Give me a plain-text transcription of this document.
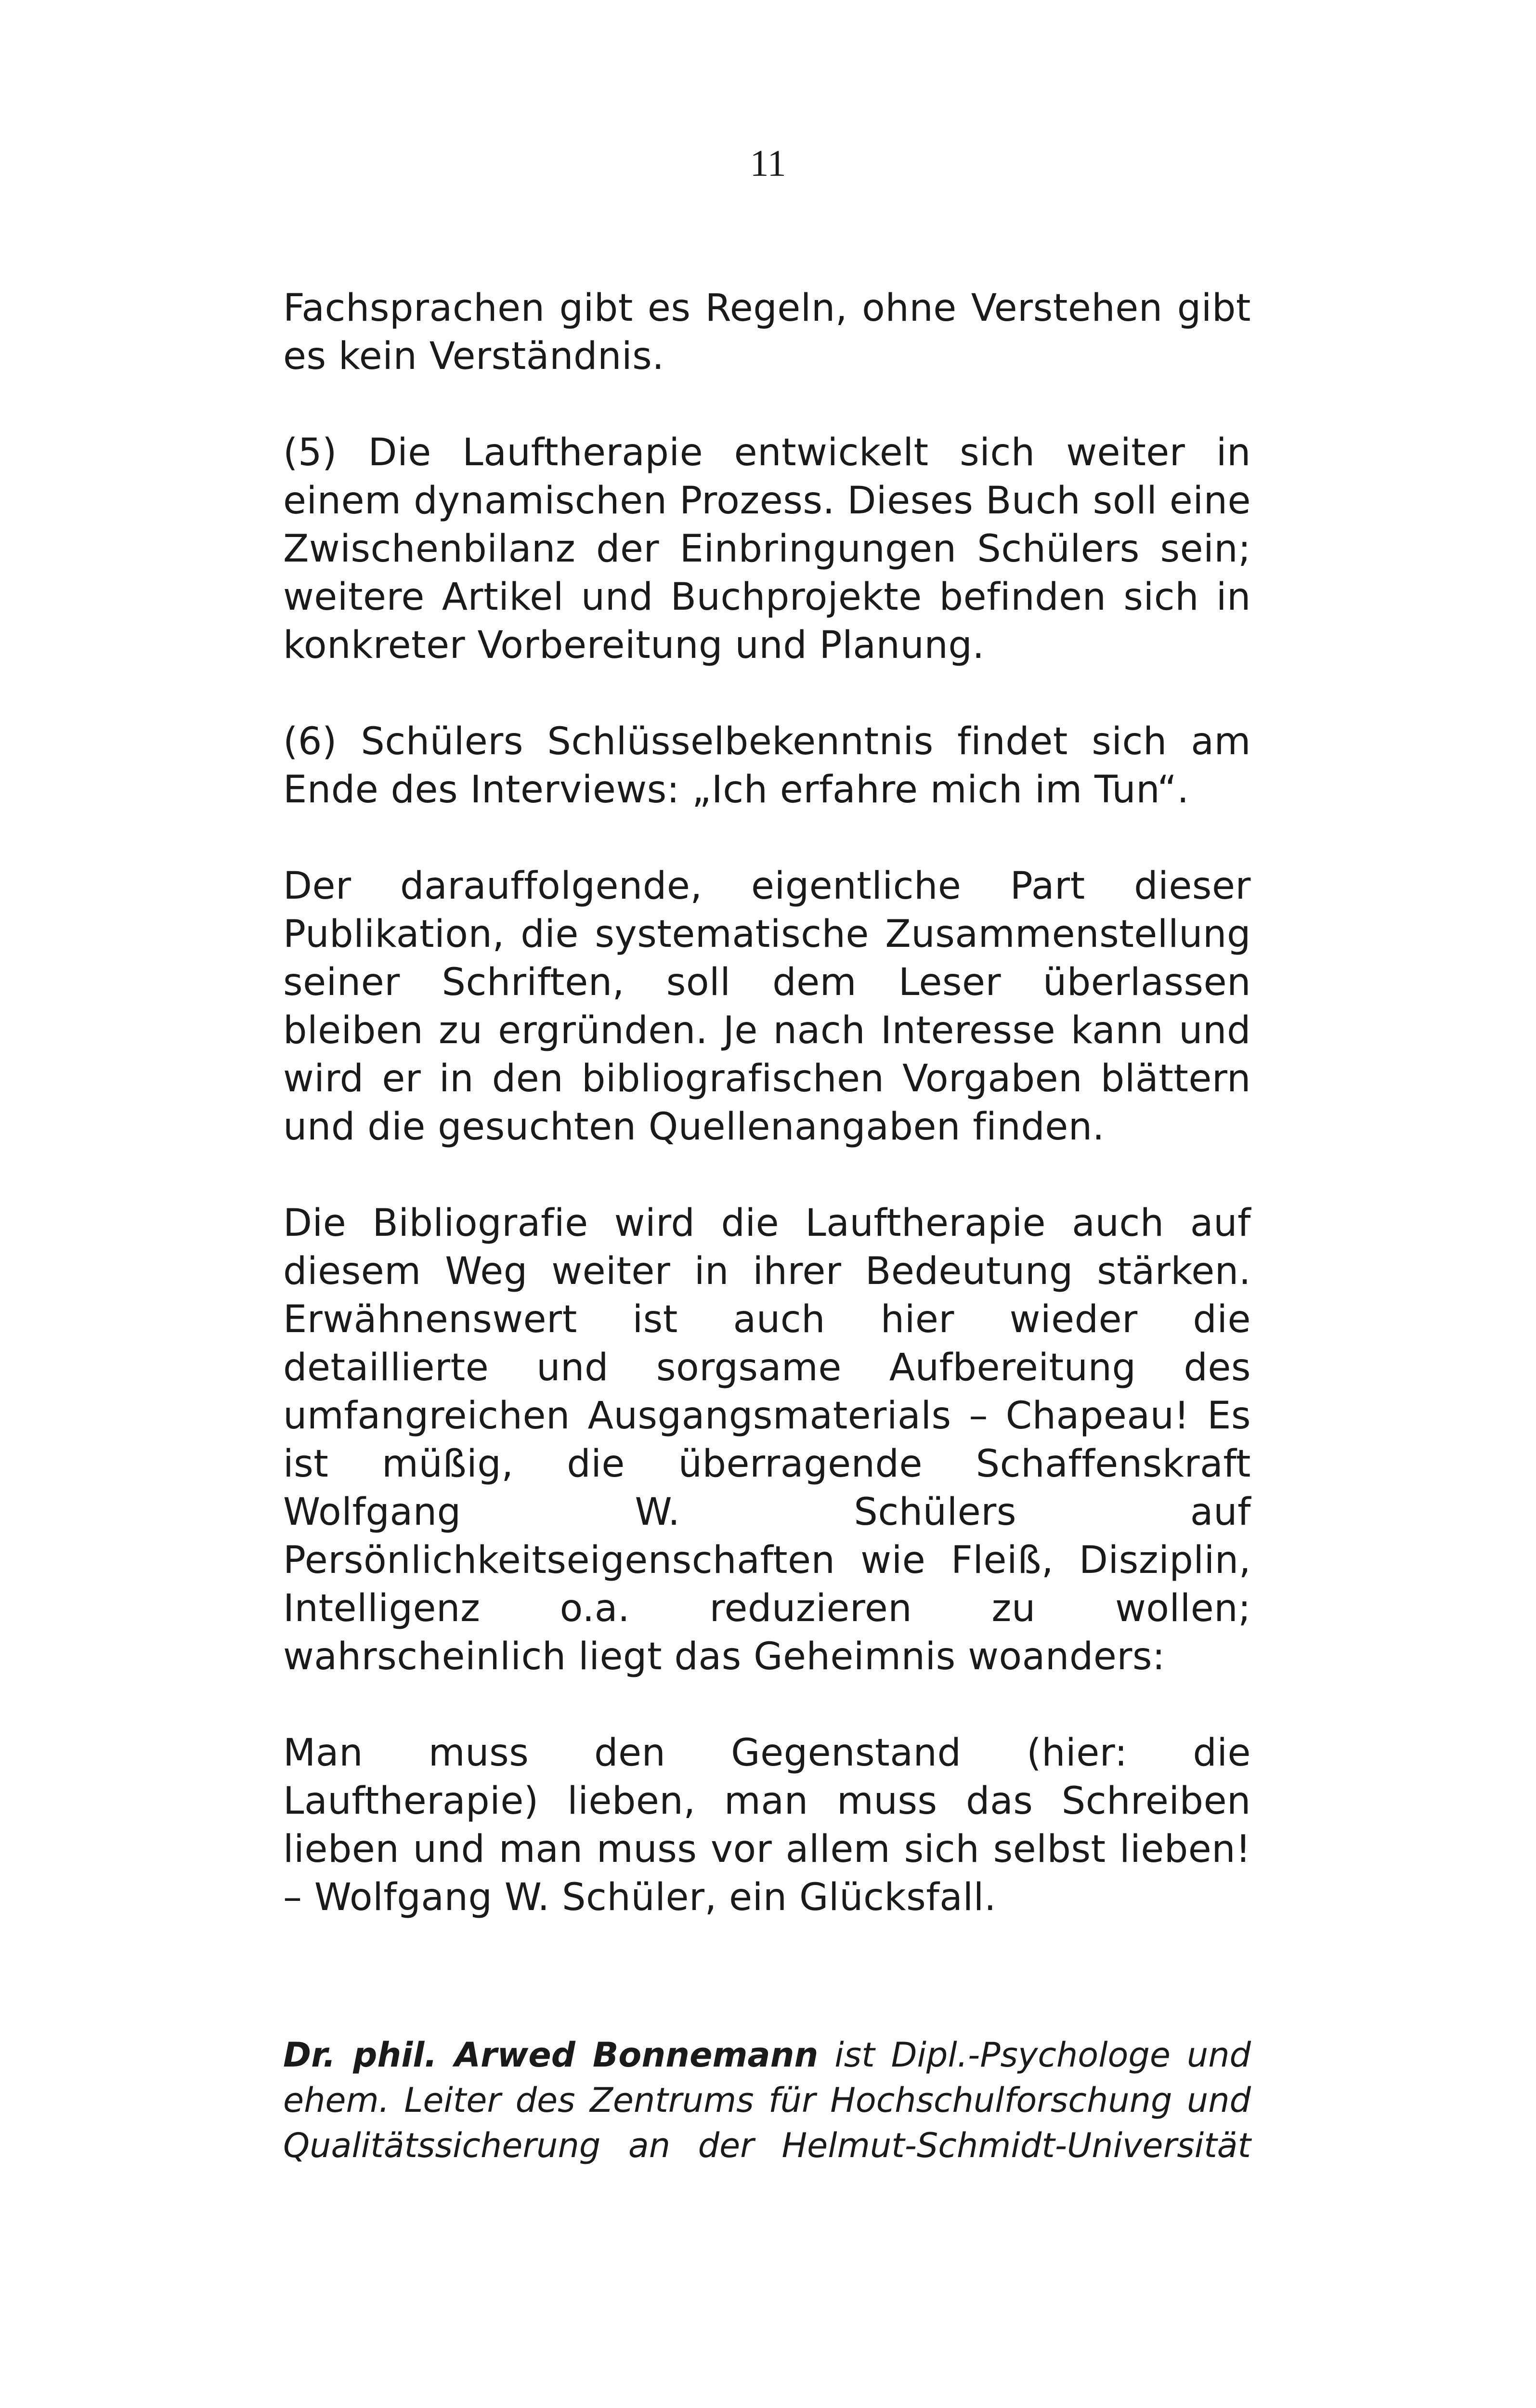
11

Fachsprachen gibt es Regeln, ohne Verstehen gibt es kein Verständnis.

(5) Die Lauftherapie entwickelt sich weiter in einem dynamischen Prozess. Dieses Buch soll eine Zwischenbilanz der Einbringungen Schülers sein; weitere Artikel und Buchprojekte befinden sich in konkreter Vorbereitung und Planung.

(6) Schülers Schlüsselbekenntnis findet sich am Ende des Interviews: „Ich erfahre mich im Tun“.

Der darauffolgende, eigentliche Part dieser Publikation, die systematische Zusammenstellung seiner Schriften, soll dem Leser überlassen bleiben zu ergründen. Je nach Interesse kann und wird er in den bibliografischen Vorgaben blättern und die gesuchten Quellenangaben finden.

Die Bibliografie wird die Lauftherapie auch auf diesem Weg weiter in ihrer Bedeutung stärken. Erwähnenswert ist auch hier wieder die detaillierte und sorgsame Aufbereitung des umfangreichen Ausgangsmaterials – Chapeau! Es ist müßig, die überragende Schaffenskraft Wolfgang W. Schülers auf Persönlichkeitseigenschaften wie Fleiß, Disziplin, Intelligenz o.a. reduzieren zu wollen; wahrscheinlich liegt das Geheimnis woanders:

Man muss den Gegenstand (hier: die Lauftherapie) lieben, man muss das Schreiben lieben und man muss vor allem sich selbst lieben! – Wolfgang W. Schüler, ein Glücksfall.

Dr. phil. Arwed Bonnemann ist Dipl.-Psychologe und ehem. Leiter des Zentrums für Hochschulforschung und Qualitätssicherung an der Helmut-Schmidt-Universität
